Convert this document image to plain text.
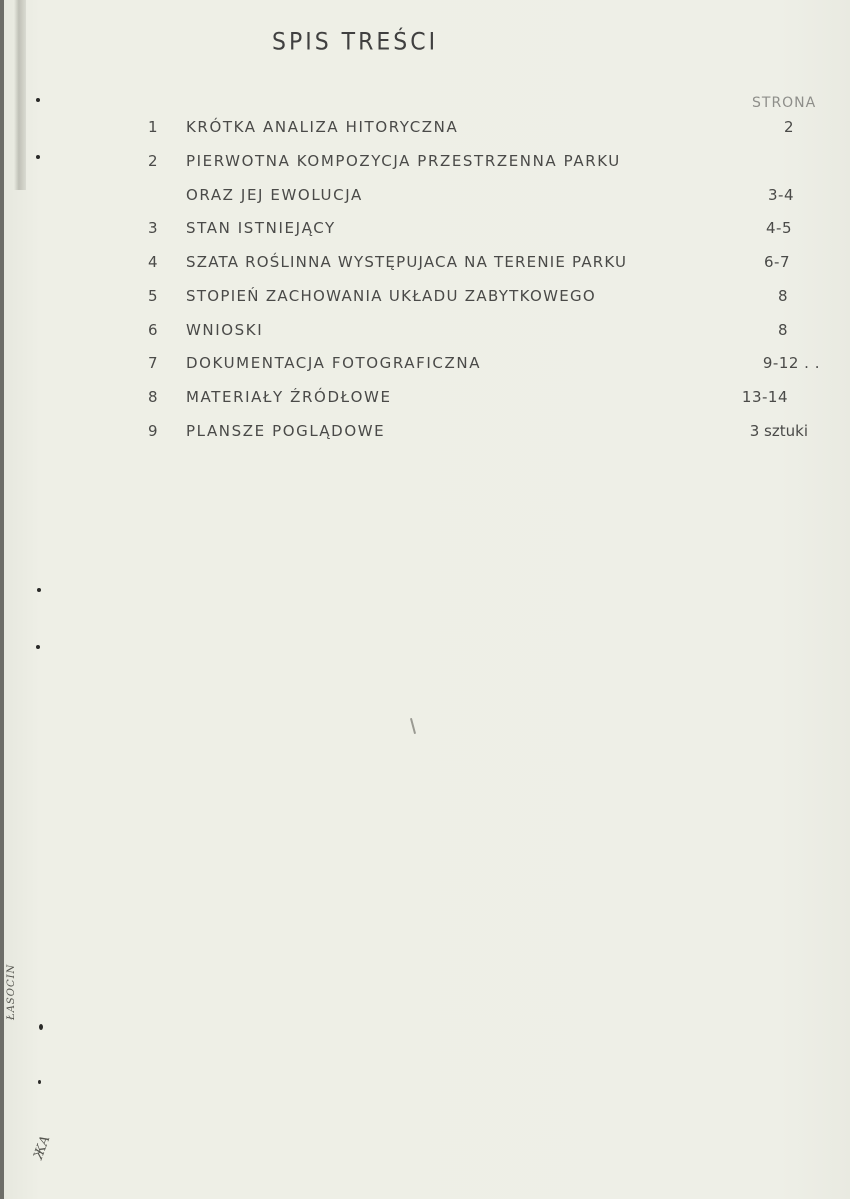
SPIS TREŚCI
STRONA
1	KRÓTKA ANALIZA HITORYCZNA	2
2	PIERWOTNA KOMPOZYCJA PRZESTRZENNA PARKU
ORAZ JEJ EWOLUCJA	3-4
3	STAN ISTNIEJĄCY	4-5
4	SZATA ROŚLINNA WYSTĘPUJACA NA TERENIE PARKU	6-7
5	STOPIEŃ ZACHOWANIA UKŁADU ZABYTKOWEGO	8
6	WNIOSKI	8
7	DOKUMENTACJA FOTOGRAFICZNA	9-12 . .
8	MATERIAŁY ŹRÓDŁOWE	13-14
9	PLANSZE POGLĄDOWE	3 sztuki
ŁASOCIN
ЖА
